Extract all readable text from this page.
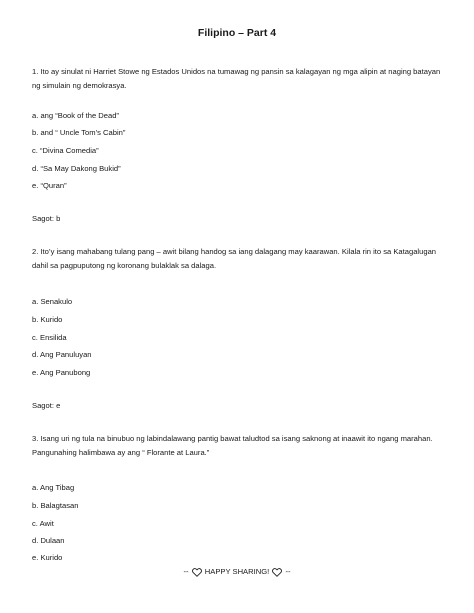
Filipino – Part 4
1. Ito ay sinulat ni Harriet Stowe ng Estados Unidos na tumawag ng pansin sa kalagayan ng mga alipin at naging batayan ng simulain ng demokrasya.
a. ang “Book of the Dead”
b. and “ Uncle Tom’s Cabin”
c. “Divina Comedia”
d. “Sa May Dakong Bukid”
e. “Quran”
Sagot: b
2. Ito’y isang mahabang tulang pang – awit bilang handog sa iang dalagang may kaarawan. Kilala rin ito sa Katagalugan dahil sa pagpuputong ng koronang bulaklak sa dalaga.
a. Senakulo
b. Kurido
c. Ensilida
d. Ang Panuluyan
e. Ang Panubong
Sagot: e
3. Isang uri ng tula na binubuo ng labindalawang pantig bawat taludtod sa isang saknong at inaawit ito ngang marahan. Pangunahing halimbawa ay ang “ Florante at Laura.”
a. Ang Tibag
b. Balagtasan
c. Awit
d. Dulaan
e. Kurido
-- HAPPY SHARING! --
